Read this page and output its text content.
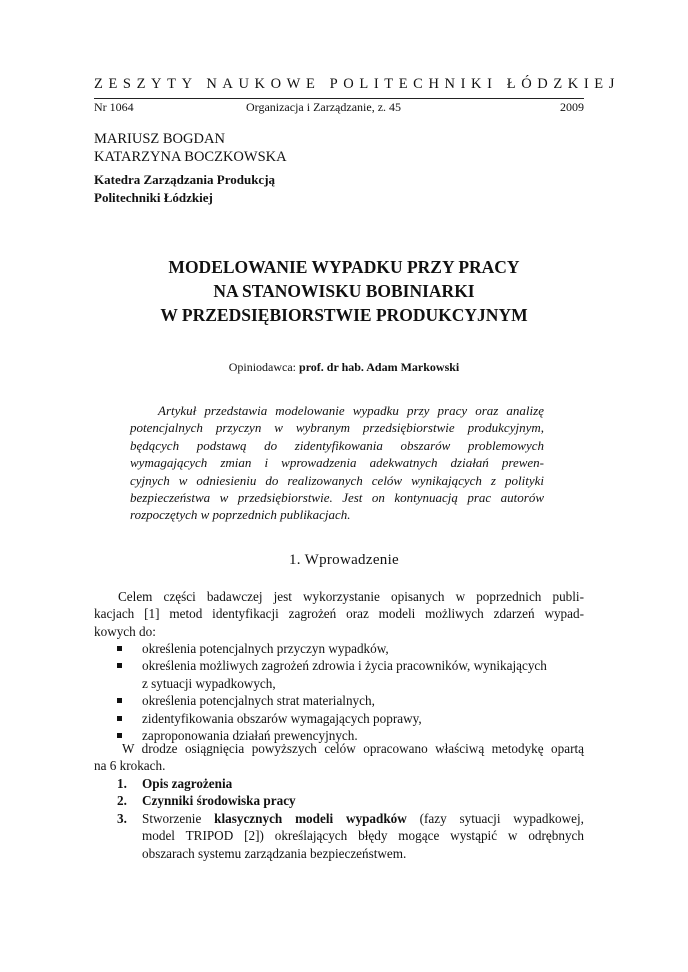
ZESZYTY NAUKOWE POLITECHNIKI ŁÓDZKIEJ
Nr 1064	Organizacja i Zarządzanie, z. 45	2009
MARIUSZ BOGDAN
KATARZYNA BOCZKOWSKA
Katedra Zarządzania Produkcją
Politechniki Łódzkiej
MODELOWANIE WYPADKU PRZY PRACY
NA STANOWISKU BOBINIARKI
W PRZEDSIĘBIORSTWIE PRODUKCYJNYM
Opiniodawca: prof. dr hab. Adam Markowski
Artykuł przedstawia modelowanie wypadku przy pracy oraz analizę
potencjalnych przyczyn w wybranym przedsiębiorstwie produkcyjnym,
będących podstawą do zidentyfikowania obszarów problemowych
wymagających zmian i wprowadzenia adekwatnych działań prewen-
cyjnych w odniesieniu do realizowanych celów wynikających z polityki
bezpieczeństwa w przedsiębiorstwie. Jest on kontynuacją prac autorów
rozpoczętych w poprzednich publikacjach.
1. Wprowadzenie
Celem części badawczej jest wykorzystanie opisanych w poprzednich publi-
kacjach [1] metod identyfikacji zagrożeń oraz modeli możliwych zdarzeń wypad-
kowych do:
określenia potencjalnych przyczyn wypadków,
określenia możliwych zagrożeń zdrowia i życia pracowników, wynikających
z sytuacji wypadkowych,
określenia potencjalnych strat materialnych,
zidentyfikowania obszarów wymagających poprawy,
zaproponowania działań prewencyjnych.
W drodze osiągnięcia powyższych celów opracowano właściwą metodykę opartą
na 6 krokach.
1. Opis zagrożenia
2. Czynniki środowiska pracy
3. Stworzenie klasycznych modeli wypadków (fazy sytuacji wypadkowej,
model TRIPOD [2]) określających błędy mogące wystąpić w odrębnych
obszarach systemu zarządzania bezpieczeństwem.
